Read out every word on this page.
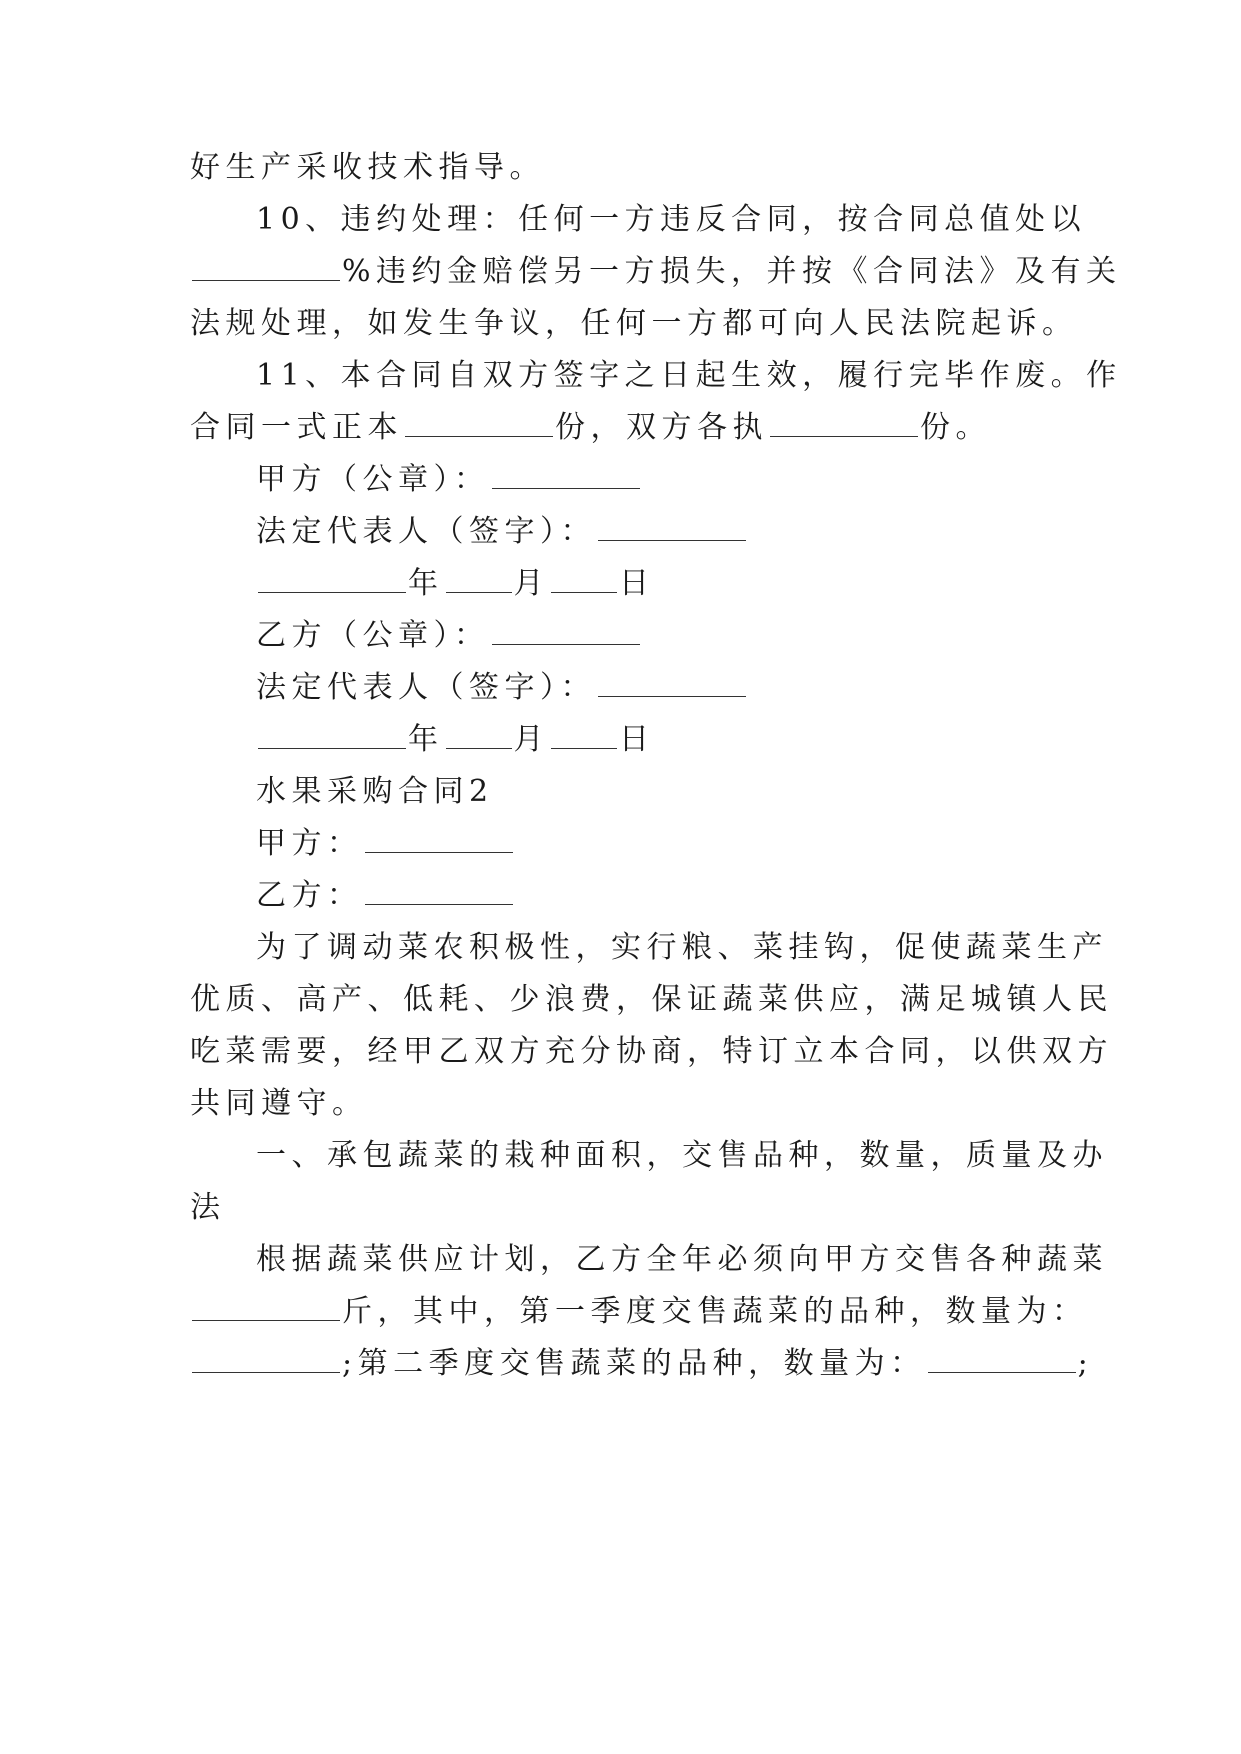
好生产采收技术指导。
10、违约处理：任何一方违反合同，按合同总值处以
%违约金赔偿另一方损失，并按《合同法》及有关
法规处理，如发生争议，任何一方都可向人民法院起诉。
11、本合同自双方签字之日起生效，履行完毕作废。作
合同一式正本	份，双方各执	份。
甲方（公章）：
法定代表人（签字）：
年 月 日
乙方（公章）：
法定代表人（签字）：
年 月 日
水果采购合同2
甲方：
乙方：
为了调动菜农积极性，实行粮、菜挂钩，促使蔬菜生产
优质、高产、低耗、少浪费，保证蔬菜供应，满足城镇人民
吃菜需要，经甲乙双方充分协商，特订立本合同，以供双方
共同遵守。
一、承包蔬菜的栽种面积，交售品种，数量，质量及办
法
根据蔬菜供应计划，乙方全年必须向甲方交售各种蔬菜
斤，其中，第一季度交售蔬菜的品种，数量为：
;第二季度交售蔬菜的品种，数量为：	;
